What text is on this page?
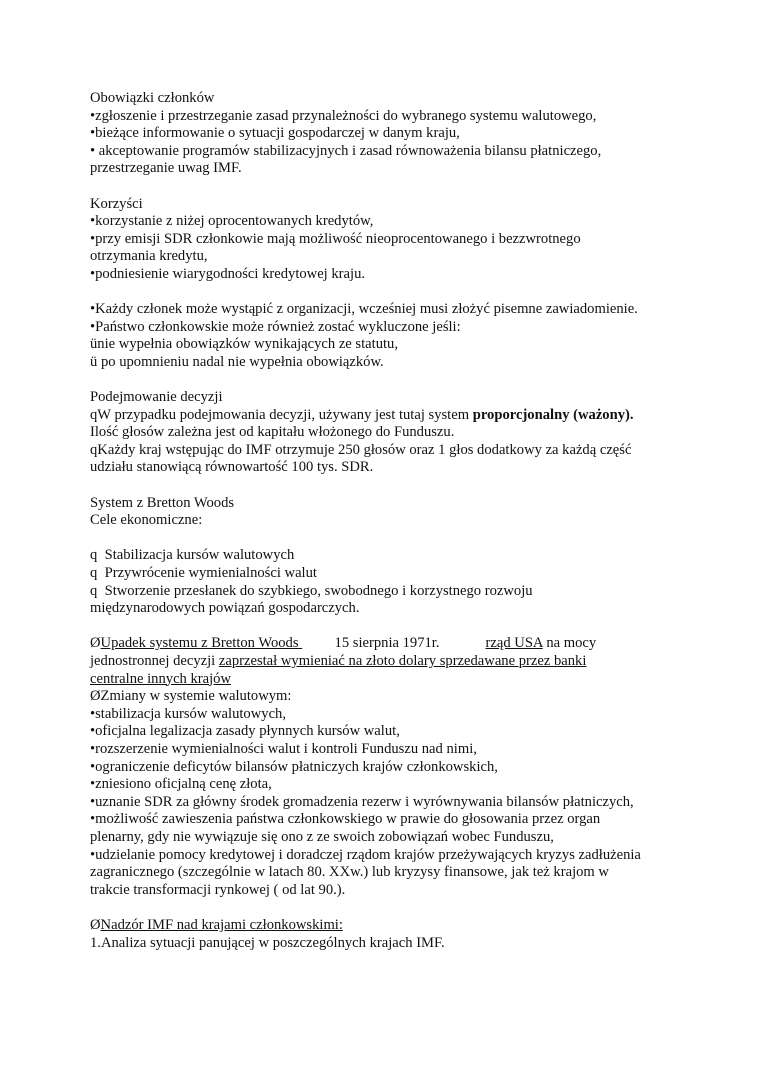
Obowiązki członków
•zgłoszenie i przestrzeganie zasad przynależności do wybranego systemu walutowego,
•bieżące informowanie o sytuacji gospodarczej w danym kraju,
• akceptowanie programów stabilizacyjnych i zasad równoważenia bilansu płatniczego,
przestrzeganie uwag IMF.
Korzyści
•korzystanie z niżej oprocentowanych kredytów,
•przy emisji SDR członkowie mają możliwość nieoprocentowanego i bezzwrotnego
otrzymania kredytu,
•podniesienie wiarygodności kredytowej kraju.
•Każdy członek może wystąpić z organizacji, wcześniej musi złożyć pisemne zawiadomienie.
•Państwo członkowskie może również zostać wykluczone jeśli:
ünie wypełnia obowiązków wynikających ze statutu,
ü po upomnieniu nadal nie wypełnia obowiązków.
Podejmowanie decyzji
qW przypadku podejmowania decyzji, używany jest tutaj system proporcjonalny (ważony).
Ilość głosów zależna jest od kapitału włożonego do Funduszu.
qKażdy kraj wstępując do IMF otrzymuje 250 głosów oraz 1 głos dodatkowy za każdą część
udziału stanowiącą równowartość 100 tys. SDR.
System z Bretton Woods
Cele ekonomiczne:
q  Stabilizacja kursów walutowych
q  Przywrócenie wymienialności walut
q  Stworzenie przesłanek do szybkiego, swobodnego i korzystnego rozwoju
międzynarodowych powiązań gospodarczych.
ØUpadek systemu z Bretton Woods 15 sierpnia 1971r.	rząd USA na mocy
jednostronnej decyzji zaprzestał wymieniać na złoto dolary sprzedawane przez banki
centralne innych krajów
ØZmiany w systemie walutowym:
•stabilizacja kursów walutowych,
•oficjalna legalizacja zasady płynnych kursów walut,
•rozszerzenie wymienialności walut i kontroli Funduszu nad nimi,
•ograniczenie deficytów bilansów płatniczych krajów członkowskich,
•zniesiono oficjalną cenę złota,
•uznanie SDR za główny środek gromadzenia rezerw i wyrównywania bilansów płatniczych,
•możliwość zawieszenia państwa członkowskiego w prawie do głosowania przez organ
plenarny, gdy nie wywiązuje się ono z ze swoich zobowiązań wobec Funduszu,
•udzielanie pomocy kredytowej i doradczej rządom krajów przeżywających kryzys zadłużenia
zagranicznego (szczególnie w latach 80. XXw.) lub kryzysy finansowe, jak też krajom w
trakcie transformacji rynkowej ( od lat 90.).
ØNadzór IMF nad krajami członkowskimi:
1.Analiza sytuacji panującej w poszczególnych krajach IMF.
